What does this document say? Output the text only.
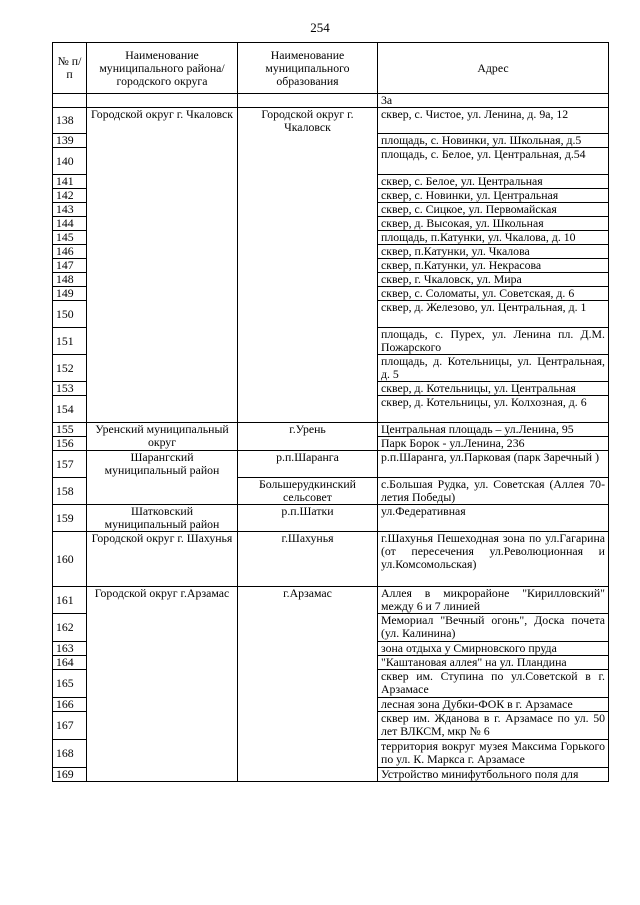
254
№ п/п	Наименование муниципального района/ городского округа	Наименование муниципального образования	Адрес
			3а
138	Городской округ г. Чкаловск	Городской округ г. Чкаловск	сквер, с. Чистое, ул. Ленина, д. 9а, 12
139			площадь, с. Новинки, ул. Школьная, д.5
140			площадь, с. Белое, ул. Центральная, д.54
141			сквер, с. Белое, ул. Центральная
142			сквер, с. Новинки, ул. Центральная
143			сквер, с. Сицкое, ул. Первомайская
144			сквер, д. Высокая, ул. Школьная
145			площадь, п.Катунки, ул. Чкалова, д. 10
146			сквер, п.Катунки, ул. Чкалова
147			сквер, п.Катунки, ул. Некрасова
148			сквер, г. Чкаловск, ул. Мира
149			сквер, с. Соломаты, ул. Советская, д. 6
150			сквер, д. Железово, ул. Центральная, д. 1
151			площадь, с. Пурех, ул. Ленина пл. Д.М. Пожарского
152			площадь, д. Котельницы, ул. Центральная, д. 5
153			сквер, д. Котельницы, ул. Центральная
154			сквер, д. Котельницы, ул. Колхозная, д. 6
155	Уренский муниципальный округ	г.Урень	Центральная площадь – ул.Ленина, 95
156			Парк Борок - ул.Ленина, 236
157	Шарангский муниципальный район	р.п.Шаранга	р.п.Шаранга, ул.Парковая (парк Заречный )
158		Большерудкинский сельсовет	с.Большая Рудка, ул. Советская (Аллея 70-летия Победы)
159	Шатковский муниципальный район	р.п.Шатки	ул.Федеративная
160	Городской округ г. Шахунья	г.Шахунья	г.Шахунья Пешеходная зона по ул.Гагарина (от пересечения ул.Революционная и ул.Комсомольская)
161	Городской округ г.Арзамас	г.Арзамас	Аллея в микрорайоне "Кирилловский" между 6 и 7 линией
162			Мемориал "Вечный огонь", Доска почета (ул. Калинина)
163			зона отдыха у Смирновского пруда
164			"Каштановая аллея" на ул. Пландина
165			сквер им. Ступина по ул.Советской в г. Арзамасе
166			лесная зона Дубки-ФОК в г. Арзамасе
167			сквер им. Жданова в г. Арзамасе по ул. 50 лет ВЛКСМ, мкр № 6
168			территория вокруг музея Максима Горького по ул. К. Маркса г. Арзамасе
169			Устройство минифутбольного поля для
